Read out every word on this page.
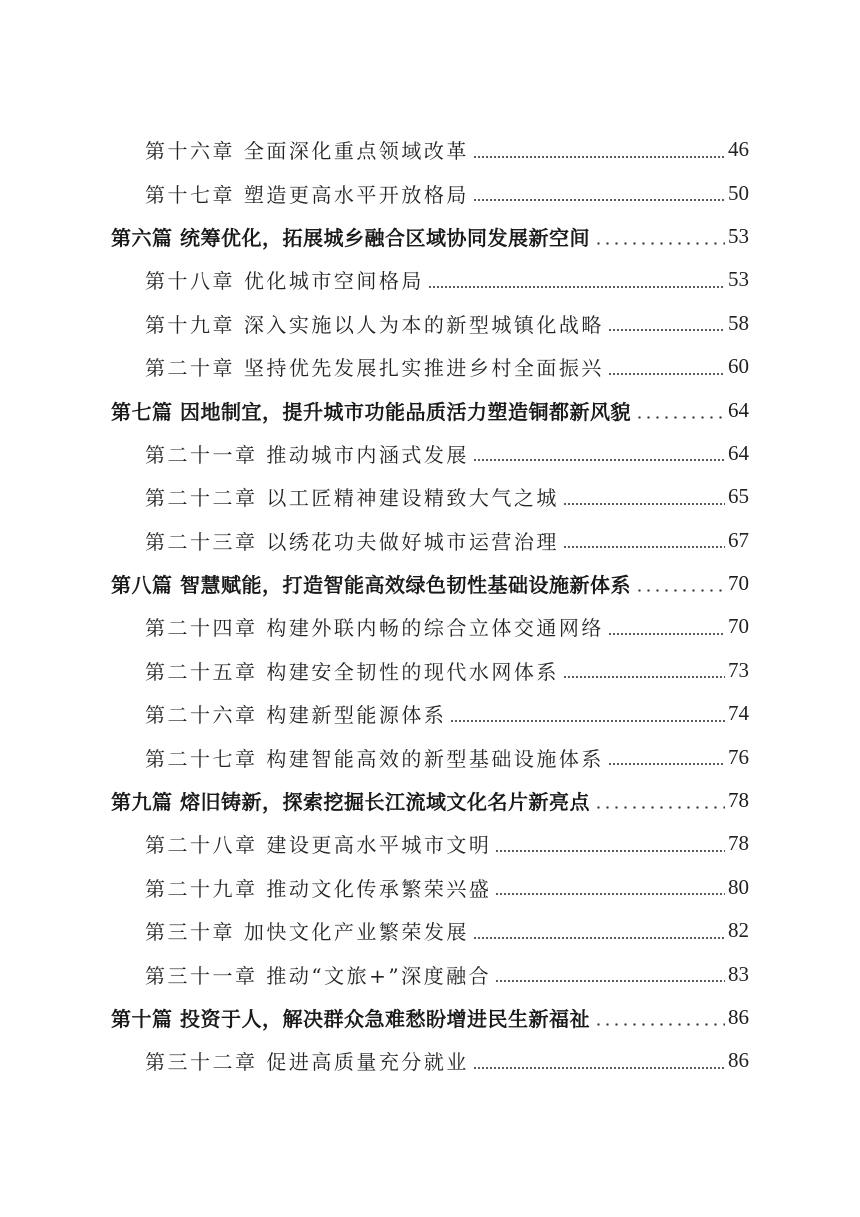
第十六章 全面深化重点领域改革	46
第十七章 塑造更高水平开放格局	50
第六篇 统筹优化，拓展城乡融合区域协同发展新空间	53
第十八章 优化城市空间格局	53
第十九章 深入实施以人为本的新型城镇化战略	58
第二十章 坚持优先发展扎实推进乡村全面振兴	60
第七篇 因地制宜，提升城市功能品质活力塑造铜都新风貌	64
第二十一章 推动城市内涵式发展	64
第二十二章 以工匠精神建设精致大气之城	65
第二十三章 以绣花功夫做好城市运营治理	67
第八篇 智慧赋能，打造智能高效绿色韧性基础设施新体系	70
第二十四章 构建外联内畅的综合立体交通网络	70
第二十五章 构建安全韧性的现代水网体系	73
第二十六章 构建新型能源体系	74
第二十七章 构建智能高效的新型基础设施体系	76
第九篇 熔旧铸新，探索挖掘长江流域文化名片新亮点	78
第二十八章 建设更高水平城市文明	78
第二十九章 推动文化传承繁荣兴盛	80
第三十章 加快文化产业繁荣发展	82
第三十一章 推动“文旅+”深度融合	83
第十篇 投资于人，解决群众急难愁盼增进民生新福祉	86
第三十二章 促进高质量充分就业	86
